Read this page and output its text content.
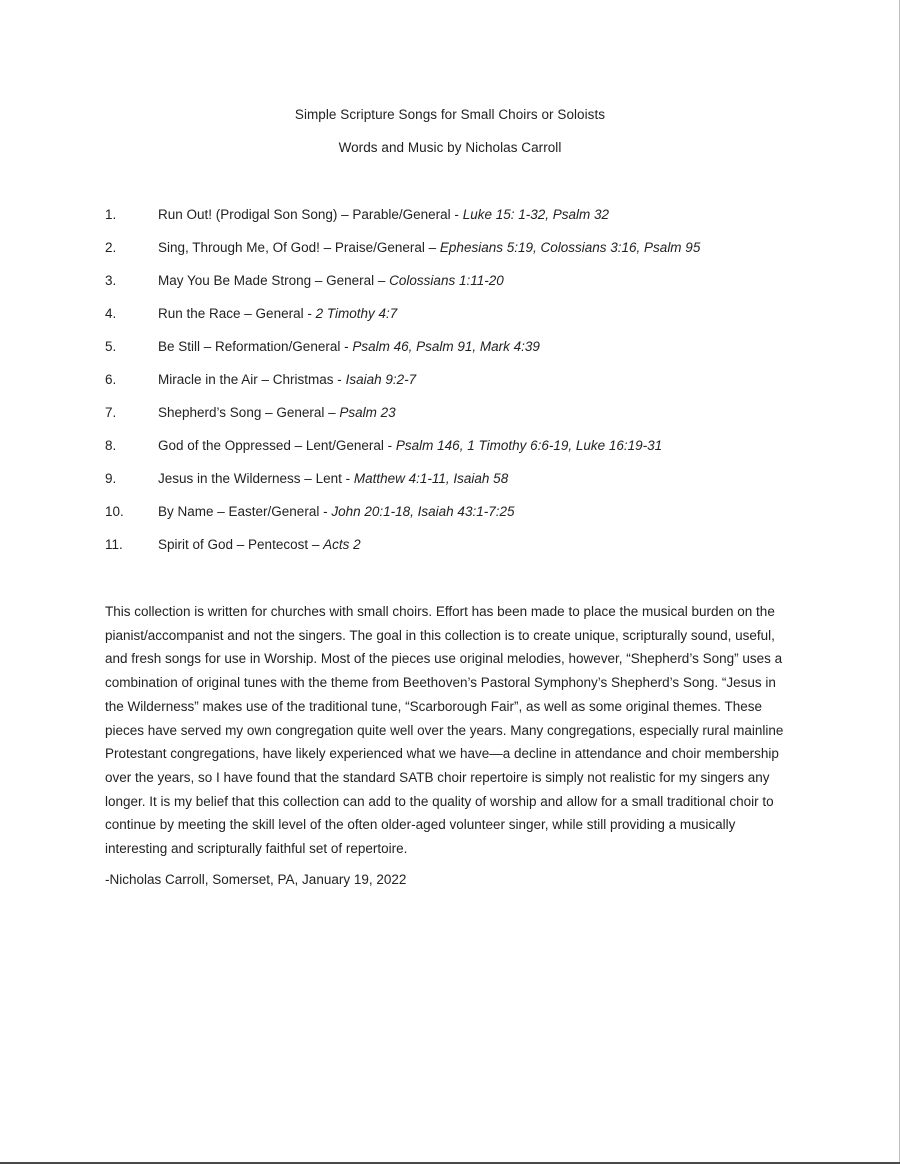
Simple Scripture Songs for Small Choirs or Soloists
Words and Music by Nicholas Carroll
1.	Run Out! (Prodigal Son Song) – Parable/General - Luke 15: 1-32, Psalm 32
2.	Sing, Through Me, Of God! – Praise/General – Ephesians 5:19, Colossians 3:16, Psalm 95
3.	May You Be Made Strong – General – Colossians 1:11-20
4.	Run the Race – General - 2 Timothy 4:7
5.	Be Still – Reformation/General - Psalm 46, Psalm 91, Mark 4:39
6.	Miracle in the Air – Christmas - Isaiah 9:2-7
7.	Shepherd’s Song – General – Psalm 23
8.	God of the Oppressed – Lent/General - Psalm 146, 1 Timothy 6:6-19, Luke 16:19-31
9.	Jesus in the Wilderness – Lent - Matthew 4:1-11, Isaiah 58
10.	By Name – Easter/General - John 20:1-18, Isaiah 43:1-7:25
11.	Spirit of God – Pentecost – Acts 2

This collection is written for churches with small choirs. Effort has been made to place the musical burden on the pianist/accompanist and not the singers. The goal in this collection is to create unique, scripturally sound, useful, and fresh songs for use in Worship. Most of the pieces use original melodies, however, “Shepherd’s Song” uses a combination of original tunes with the theme from Beethoven’s Pastoral Symphony’s Shepherd’s Song. “Jesus in the Wilderness” makes use of the traditional tune, “Scarborough Fair”, as well as some original themes. These pieces have served my own congregation quite well over the years. Many congregations, especially rural mainline Protestant congregations, have likely experienced what we have—a decline in attendance and choir membership over the years, so I have found that the standard SATB choir repertoire is simply not realistic for my singers any longer. It is my belief that this collection can add to the quality of worship and allow for a small traditional choir to continue by meeting the skill level of the often older-aged volunteer singer, while still providing a musically interesting and scripturally faithful set of repertoire.

-Nicholas Carroll, Somerset, PA, January 19, 2022
